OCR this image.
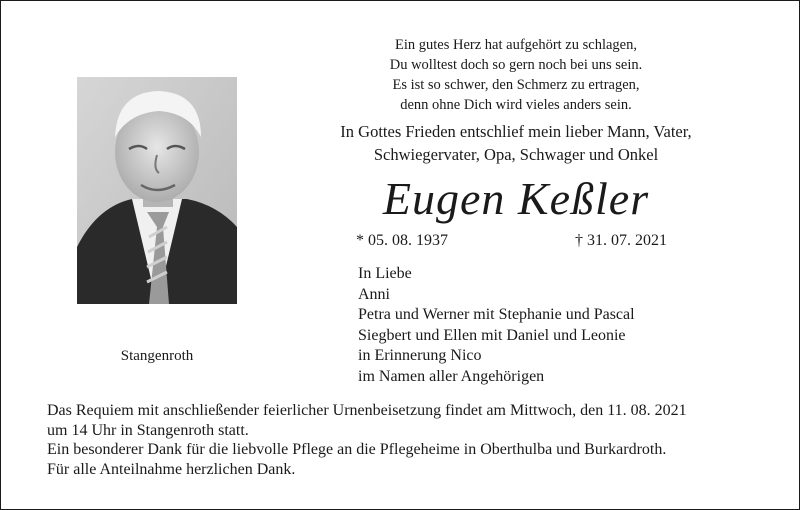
Ein gutes Herz hat aufgehört zu schlagen,
Du wolltest doch so gern noch bei uns sein.
Es ist so schwer, den Schmerz zu ertragen,
denn ohne Dich wird vieles anders sein.
In Gottes Frieden entschlief mein lieber Mann, Vater,
Schwiegervater, Opa, Schwager und Onkel
Eugen Keßler
* 05. 08. 1937	† 31. 07. 2021
Stangenroth
In Liebe
Anni
Petra und Werner mit Stephanie und Pascal
Siegbert und Ellen mit Daniel und Leonie
in Erinnerung Nico
im Namen aller Angehörigen
Das Requiem mit anschließender feierlicher Urnenbeisetzung findet am Mittwoch, den 11. 08. 2021
um 14 Uhr in Stangenroth statt.
Ein besonderer Dank für die liebvolle Pflege an die Pflegeheime in Oberthulba und Burkardroth.
Für alle Anteilnahme herzlichen Dank.
